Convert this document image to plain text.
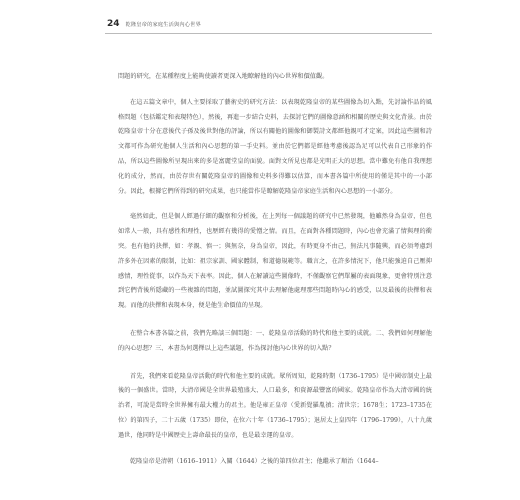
24 乾隆皇帝的家庭生活與內心世界

問題的研究，在某種程度上能夠使讀者更深入地瞭解他的內心世界和價值觀。

在這五篇文章中，個人主要採取了藝術史的研究方法：以表現乾隆皇帝的某些圖像為切入點，先討論作品的風格問題（包括鑑定和表現特色），然後，再進一步結合史料，去探討它們的圖像意涵和相關的歷史與文化背景。由於乾隆皇帝十分在意後代子孫及後世對他的評論，所以有關他的圖像和御製詩文都經他親可才定案，因此這些圖和詩文都可作為研究他個人生活和內心思想的第一手史料。並由於它們都是經他考慮後認為足可以代表自己形象的作品，所以這些圖像所呈現出來的多是富麗堂皇的面貌。面對文所見也都是光明正大的思想。當中難免有他自我理想化的成分，然而，由於存世有關乾隆皇帝的圖像和史料多得難以估算，而本書各篇中所使用的僅是其中的一小部分。因此，根據它們所得到的研究成果，也只能當作是瞭解乾隆皇帝家庭生活和內心思想的一小部分。

毫然如此，但是個人經過仔細的觀察和分析後，在上列每一個議題的研究中已然發現，他雖然身為皇帝，但也如常人一般，具有感性和理性，也歷經有幾得的愛憎之情。而且，在面對各種問題時，內心也會充滿了情與理的衝突。也有他的抉擇，如：孝親、慎一；與無奈，身為皇帝，因此，有時更身不由己，無法凡事隨興，而必須考慮到許多外在因素的限制，比如：祖宗家訓、國家體制，和道德規範等。職言之，在許多情況下，他只能強迫自己壓抑感情，理性從事，以作為天下表率。因此，個人在解讀這些圖像時，不僅觀察它們單屬的表面現象，更會特別注意到它們背後所隱藏的一些複雜的問題，並試圖探究其中去理解他處理那些問題時內心的感受，以及最後的抉擇和表現。而他的抉擇和表現本身，便是他生命價值的呈現。

在整合本書各篇之前，我們先略談三個問題：一、乾隆皇帝活動的時代和他主要的成就。二、我們如何理解他的內心思想？三、本書為何選擇以上這些議題，作為探討他內心世界的切入點？

首先，我們來看乾隆皇帝活動的時代和他主要的成就。眾所周知，乾隆時期（1736–1795）是中國帝制史上最後的一個盛世。當時，大清帝國是全世界最殖盛大、人口最多，和資源最豐富的國家。乾隆皇帝作為大清帝國的統治者，可說是當時全世界擁有最大權力的君主。他是雍正皇帝（愛新覺羅胤禛；清世宗；1678生；1723–1735在位）的第四子，二十五歲（1735）即位，在位六十年（1736–1795）；退居太上皇四年（1796–1799），八十九歲過世，他同時是中國歷史上壽命最長的皇帝，也是最幸運的皇帝。

乾隆皇帝是清朝（1616–1911）入關（1644）之後的第四位君主；他繼承了順治（1644–
